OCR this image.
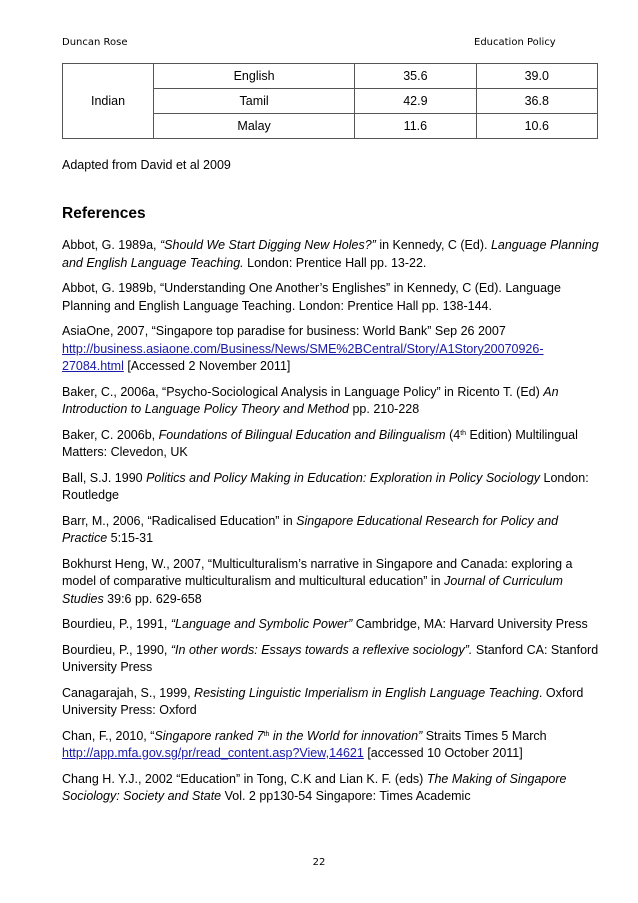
Duncan Rose	Education Policy
Indian	English	35.6	39.0
	Tamil	42.9	36.8
	Malay	11.6	10.6
Adapted from David et al 2009
References

Abbot, G. 1989a, “Should We Start Digging New Holes?” in Kennedy, C (Ed). Language Planning and English Language Teaching. London: Prentice Hall pp. 13-22.

Abbot, G. 1989b, “Understanding One Another’s Englishes” in Kennedy, C (Ed). Language Planning and English Language Teaching. London: Prentice Hall pp. 138-144.

AsiaOne, 2007, “Singapore top paradise for business: World Bank” Sep 26 2007
http://business.asiaone.com/Business/News/SME%2BCentral/Story/A1Story20070926-27084.html [Accessed 2 November 2011]

Baker, C., 2006a, “Psycho-Sociological Analysis in Language Policy” in Ricento T. (Ed) An Introduction to Language Policy Theory and Method pp. 210-228

Baker, C. 2006b, Foundations of Bilingual Education and Bilingualism (4th Edition) Multilingual Matters: Clevedon, UK

Ball, S.J. 1990 Politics and Policy Making in Education: Exploration in Policy Sociology London: Routledge

Barr, M., 2006, “Radicalised Education” in Singapore Educational Research for Policy and Practice 5:15-31

Bokhurst Heng, W., 2007, “Multiculturalism’s narrative in Singapore and Canada: exploring a model of comparative multiculturalism and multicultural education” in Journal of Curriculum Studies 39:6 pp. 629-658

Bourdieu, P., 1991, “Language and Symbolic Power” Cambridge, MA: Harvard University Press

Bourdieu, P., 1990, “In other words: Essays towards a reflexive sociology”. Stanford CA: Stanford University Press

Canagarajah, S., 1999, Resisting Linguistic Imperialism in English Language Teaching. Oxford University Press: Oxford

Chan, F., 2010, “Singapore ranked 7th in the World for innovation” Straits Times 5 March
http://app.mfa.gov.sg/pr/read_content.asp?View,14621 [accessed 10 October 2011]

Chang H. Y.J., 2002 “Education” in Tong, C.K and Lian K. F. (eds) The Making of Singapore Sociology: Society and State Vol. 2 pp130-54 Singapore: Times Academic

22
